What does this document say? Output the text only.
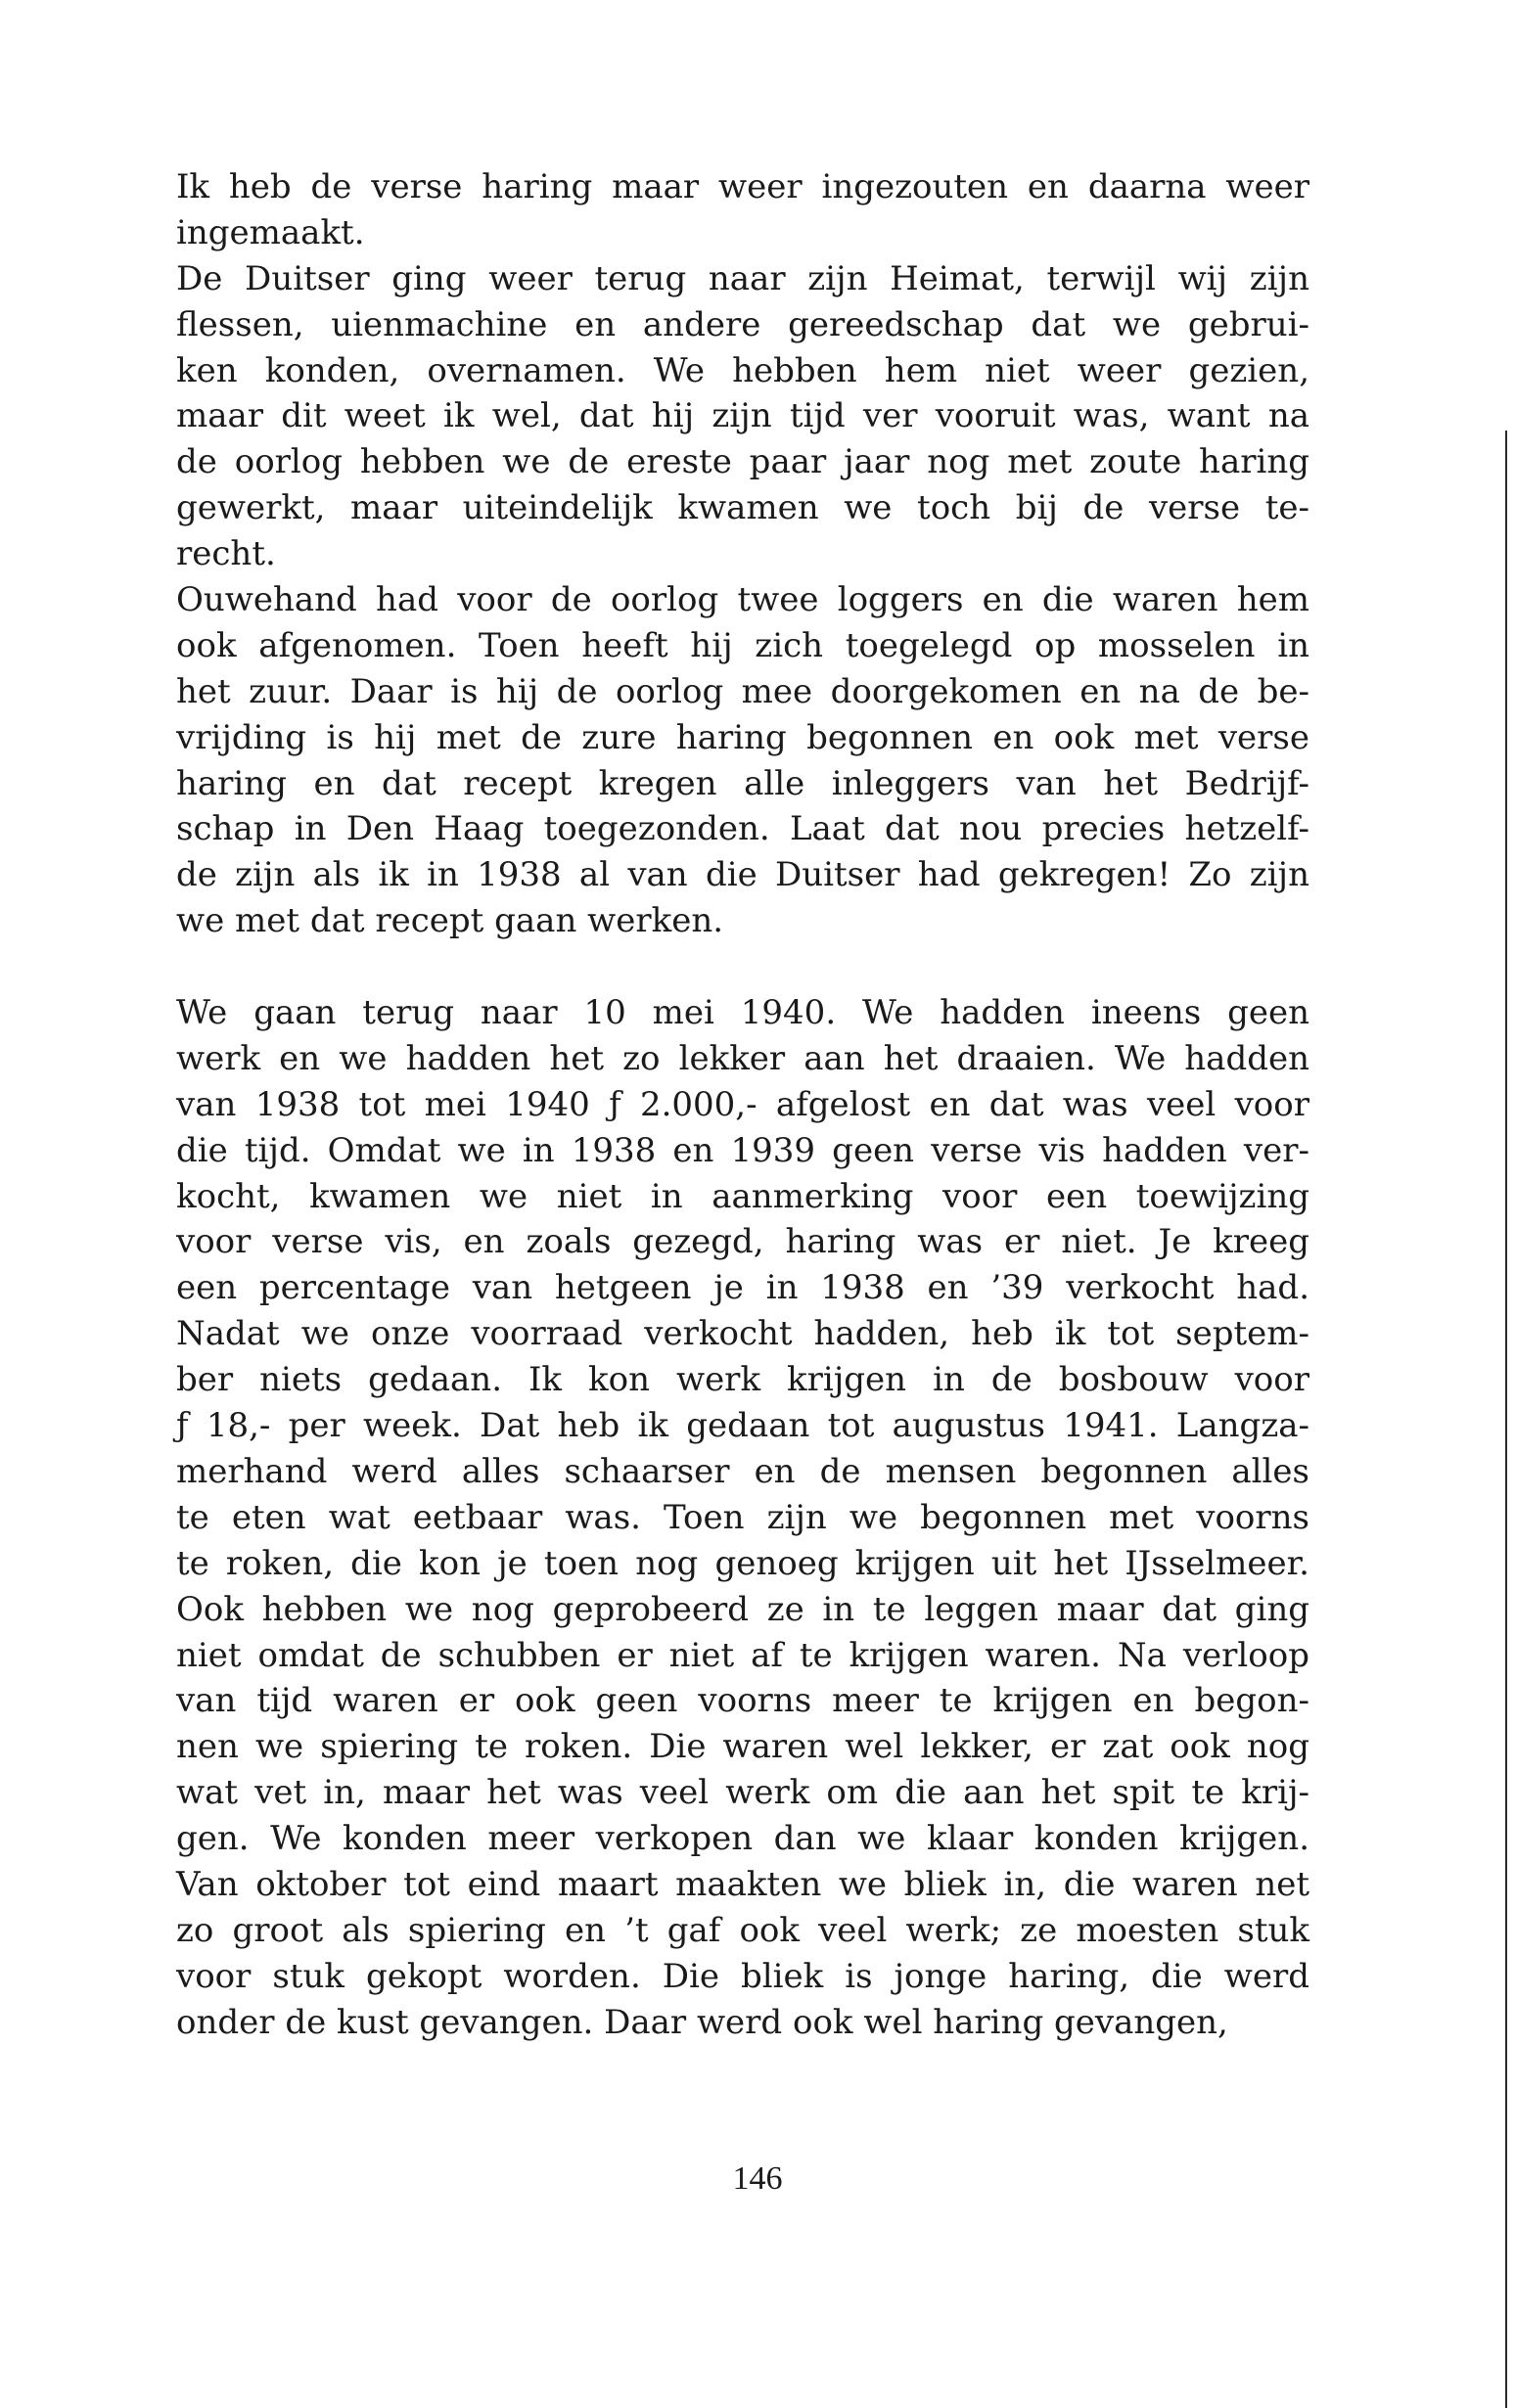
Ik heb de verse haring maar weer ingezouten en daarna weer
ingemaakt.
De Duitser ging weer terug naar zijn Heimat, terwijl wij zijn
flessen, uienmachine en andere gereedschap dat we gebrui-
ken konden, overnamen. We hebben hem niet weer gezien,
maar dit weet ik wel, dat hij zijn tijd ver vooruit was, want na
de oorlog hebben we de ereste paar jaar nog met zoute haring
gewerkt, maar uiteindelijk kwamen we toch bij de verse te-
recht.
Ouwehand had voor de oorlog twee loggers en die waren hem
ook afgenomen. Toen heeft hij zich toegelegd op mosselen in
het zuur. Daar is hij de oorlog mee doorgekomen en na de be-
vrijding is hij met de zure haring begonnen en ook met verse
haring en dat recept kregen alle inleggers van het Bedrijf-
schap in Den Haag toegezonden. Laat dat nou precies hetzelf-
de zijn als ik in 1938 al van die Duitser had gekregen! Zo zijn
we met dat recept gaan werken.
We gaan terug naar 10 mei 1940. We hadden ineens geen
werk en we hadden het zo lekker aan het draaien. We hadden
van 1938 tot mei 1940 ƒ 2.000,- afgelost en dat was veel voor
die tijd. Omdat we in 1938 en 1939 geen verse vis hadden ver-
kocht, kwamen we niet in aanmerking voor een toewijzing
voor verse vis, en zoals gezegd, haring was er niet. Je kreeg
een percentage van hetgeen je in 1938 en ’39 verkocht had.
Nadat we onze voorraad verkocht hadden, heb ik tot septem-
ber niets gedaan. Ik kon werk krijgen in de bosbouw voor
ƒ 18,- per week. Dat heb ik gedaan tot augustus 1941. Langza-
merhand werd alles schaarser en de mensen begonnen alles
te eten wat eetbaar was. Toen zijn we begonnen met voorns
te roken, die kon je toen nog genoeg krijgen uit het IJsselmeer.
Ook hebben we nog geprobeerd ze in te leggen maar dat ging
niet omdat de schubben er niet af te krijgen waren. Na verloop
van tijd waren er ook geen voorns meer te krijgen en begon-
nen we spiering te roken. Die waren wel lekker, er zat ook nog
wat vet in, maar het was veel werk om die aan het spit te krij-
gen. We konden meer verkopen dan we klaar konden krijgen.
Van oktober tot eind maart maakten we bliek in, die waren net
zo groot als spiering en ’t gaf ook veel werk; ze moesten stuk
voor stuk gekopt worden. Die bliek is jonge haring, die werd
onder de kust gevangen. Daar werd ook wel haring gevangen,
146
